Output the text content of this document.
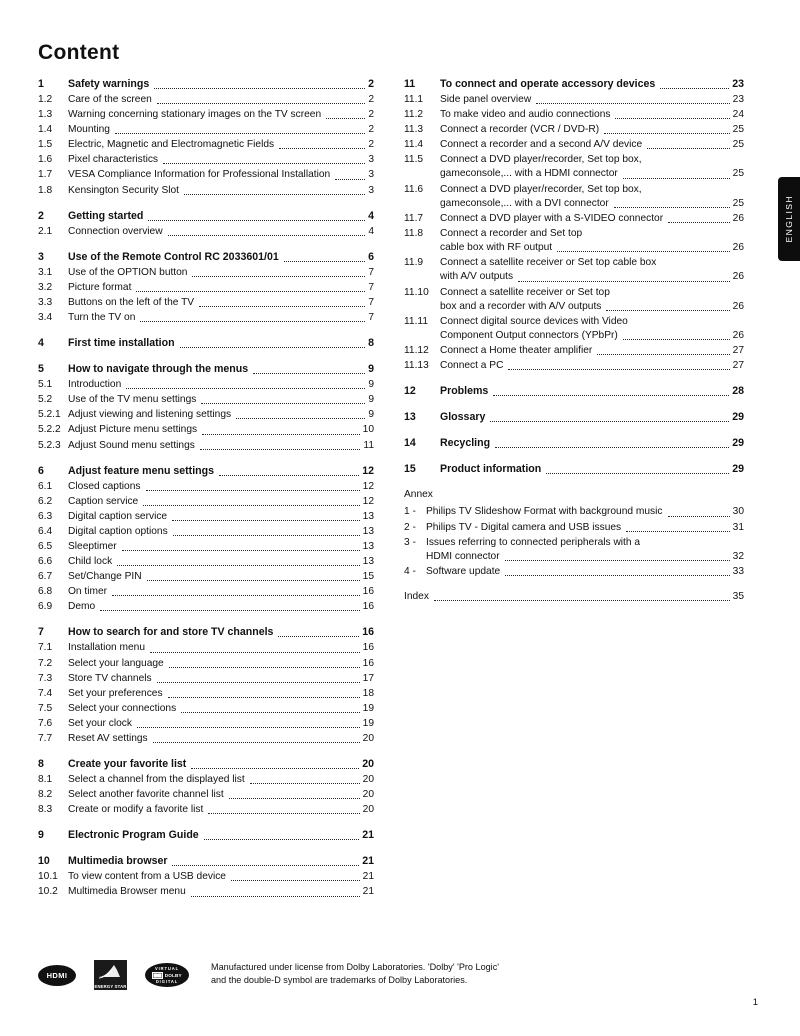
Content
1	Safety warnings	2
1.2	Care of the screen	2
1.3	Warning concerning stationary images on the TV screen	2
1.4	Mounting	2
1.5	Electric, Magnetic and Electromagnetic Fields	2
1.6	Pixel characteristics	3
1.7	VESA Compliance Information for Professional Installation	3
1.8	Kensington Security Slot	3
2	Getting started	4
2.1	Connection overview	4
3	Use of the Remote Control RC 2033601/01	6
3.1	Use of the OPTION button	7
3.2	Picture format	7
3.3	Buttons on the left of the TV	7
3.4	Turn the TV on	7
4	First time installation	8
5	How to navigate through the menus	9
5.1	Introduction	9
5.2	Use of the TV menu settings	9
5.2.1 Adjust viewing and listening settings	9
5.2.2 Adjust Picture menu settings	10
5.2.3 Adjust Sound menu settings	11
6	Adjust feature menu settings	12
6.1	Closed captions	12
6.2	Caption service	12
6.3	Digital caption service	13
6.4	Digital caption options	13
6.5	Sleeptimer	13
6.6	Child lock	13
6.7	Set/Change PIN	15
6.8	On timer	16
6.9	Demo	16
7	How to search for and store TV channels	16
7.1	Installation menu	16
7.2	Select your language	16
7.3	Store TV channels	17
7.4	Set your preferences	18
7.5	Select your connections	19
7.6	Set your clock	19
7.7	Reset AV settings	20
8	Create your favorite list	20
8.1	Select a channel from the displayed list	20
8.2	Select another favorite channel list	20
8.3	Create or modify a favorite list	20
9	Electronic Program Guide	21
10	Multimedia browser	21
10.1 To view content from a USB device	21
10.2 Multimedia Browser menu	21
11	To connect and operate accessory devices	23
11.1	Side panel overview	23
11.2	To make video and audio connections	24
11.3	Connect a recorder (VCR / DVD-R)	25
11.4	Connect a recorder and a second A/V device	25
11.5	Connect a DVD player/recorder, Set top box,
gameconsole,... with a HDMI connector	25
11.6	Connect a DVD player/recorder, Set top box,
gameconsole,... with a DVI connector	25
11.7	Connect a DVD player with a S-VIDEO connector	26
11.8	Connect a recorder and Set top
cable box with RF output	26
11.9	Connect a satellite receiver or Set top cable box
with A/V outputs	26
11.10	Connect a satellite receiver or Set top
box and a recorder with A/V outputs	26
11.11	Connect digital source devices with Video
Component Output connectors (YPbPr)	26
11.12	Connect a Home theater amplifier	27
11.13	Connect a PC	27
12	Problems	28
13	Glossary	29
14	Recycling	29
15	Product information	29
Annex
1 - Philips TV Slideshow Format with background music	30
2 - Philips TV - Digital camera and USB issues	31
3 - Issues referring to connected peripherals with a
HDMI connector	32
4 - Software update	33
Index	35
ENGLISH
HDMI
ENERGY STAR
VIRTUAL
DOLBY
DIGITAL
Manufactured under license from Dolby Laboratories. 'Dolby' 'Pro Logic'
and the double-D symbol are trademarks of Dolby Laboratories.
1
